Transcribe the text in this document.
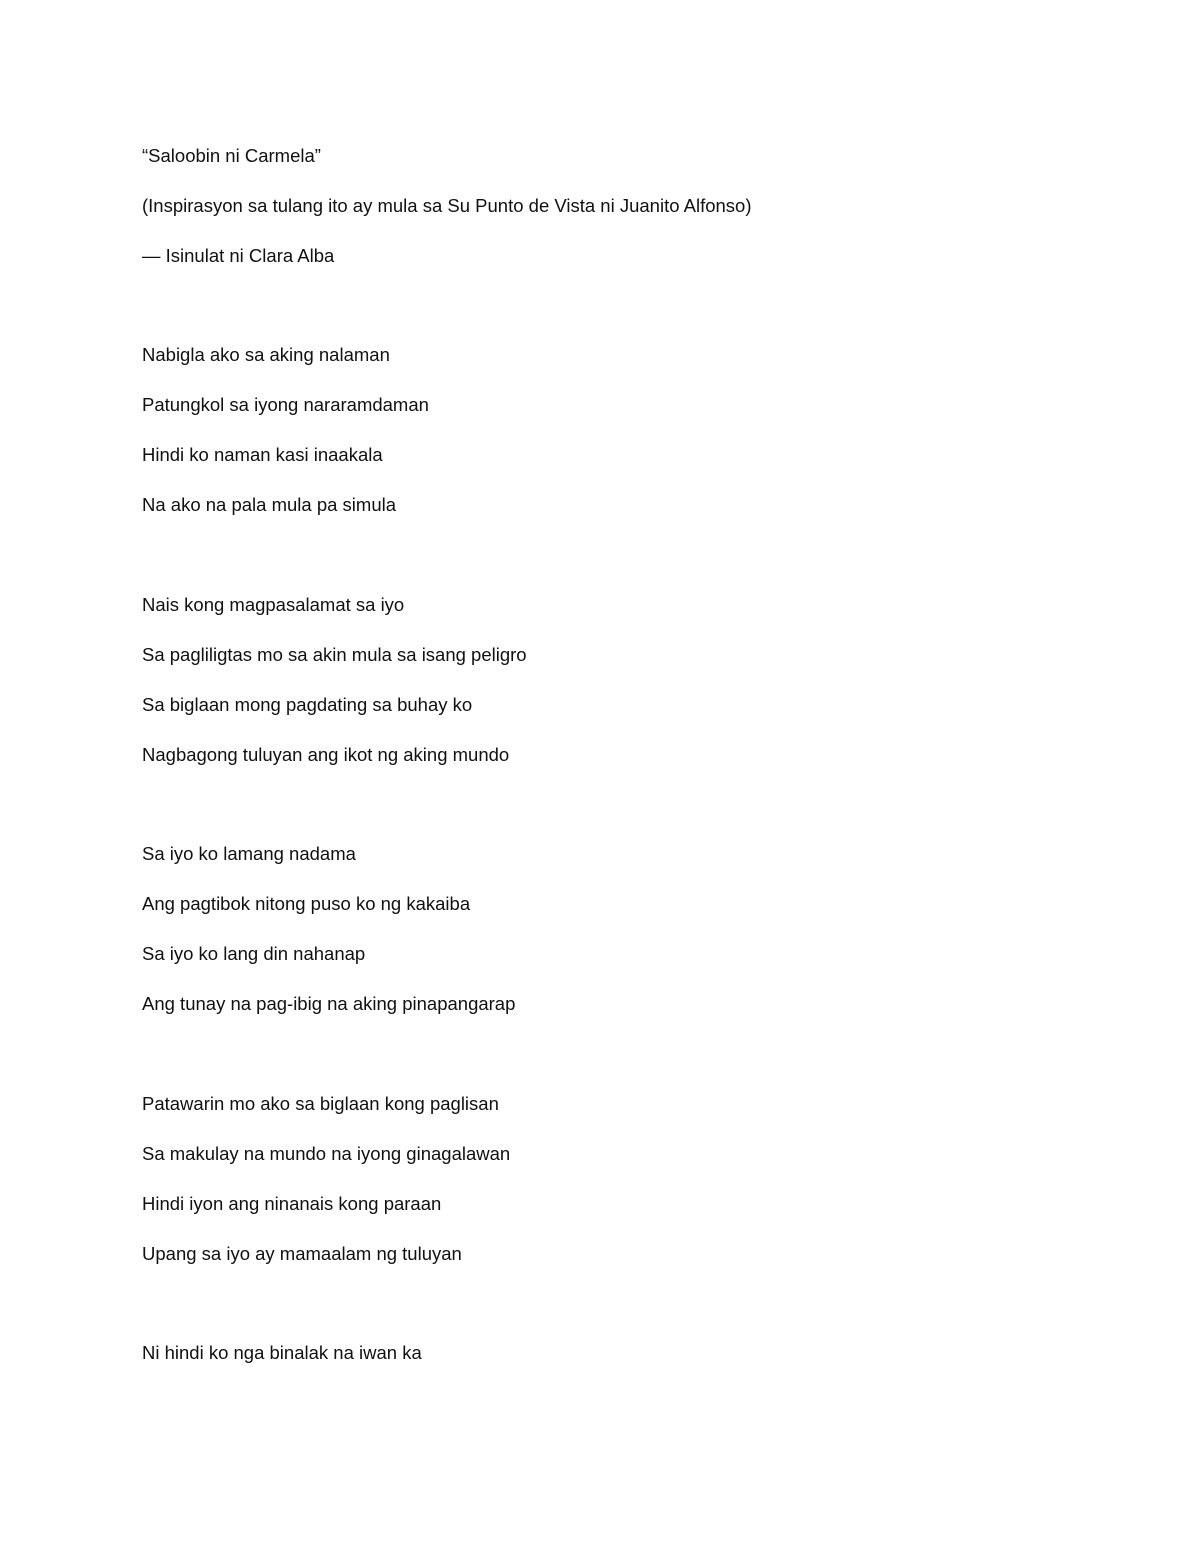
“Saloobin ni Carmela”

(Inspirasyon sa tulang ito ay mula sa Su Punto de Vista ni Juanito Alfonso)

— Isinulat ni Clara Alba

Nabigla ako sa aking nalaman

Patungkol sa iyong nararamdaman

Hindi ko naman kasi inaakala

Na ako na pala mula pa simula

Nais kong magpasalamat sa iyo

Sa pagliligtas mo sa akin mula sa isang peligro

Sa biglaan mong pagdating sa buhay ko

Nagbagong tuluyan ang ikot ng aking mundo

Sa iyo ko lamang nadama

Ang pagtibok nitong puso ko ng kakaiba

Sa iyo ko lang din nahanap

Ang tunay na pag-ibig na aking pinapangarap

Patawarin mo ako sa biglaan kong paglisan

Sa makulay na mundo na iyong ginagalawan

Hindi iyon ang ninanais kong paraan

Upang sa iyo ay mamaalam ng tuluyan

Ni hindi ko nga binalak na iwan ka
